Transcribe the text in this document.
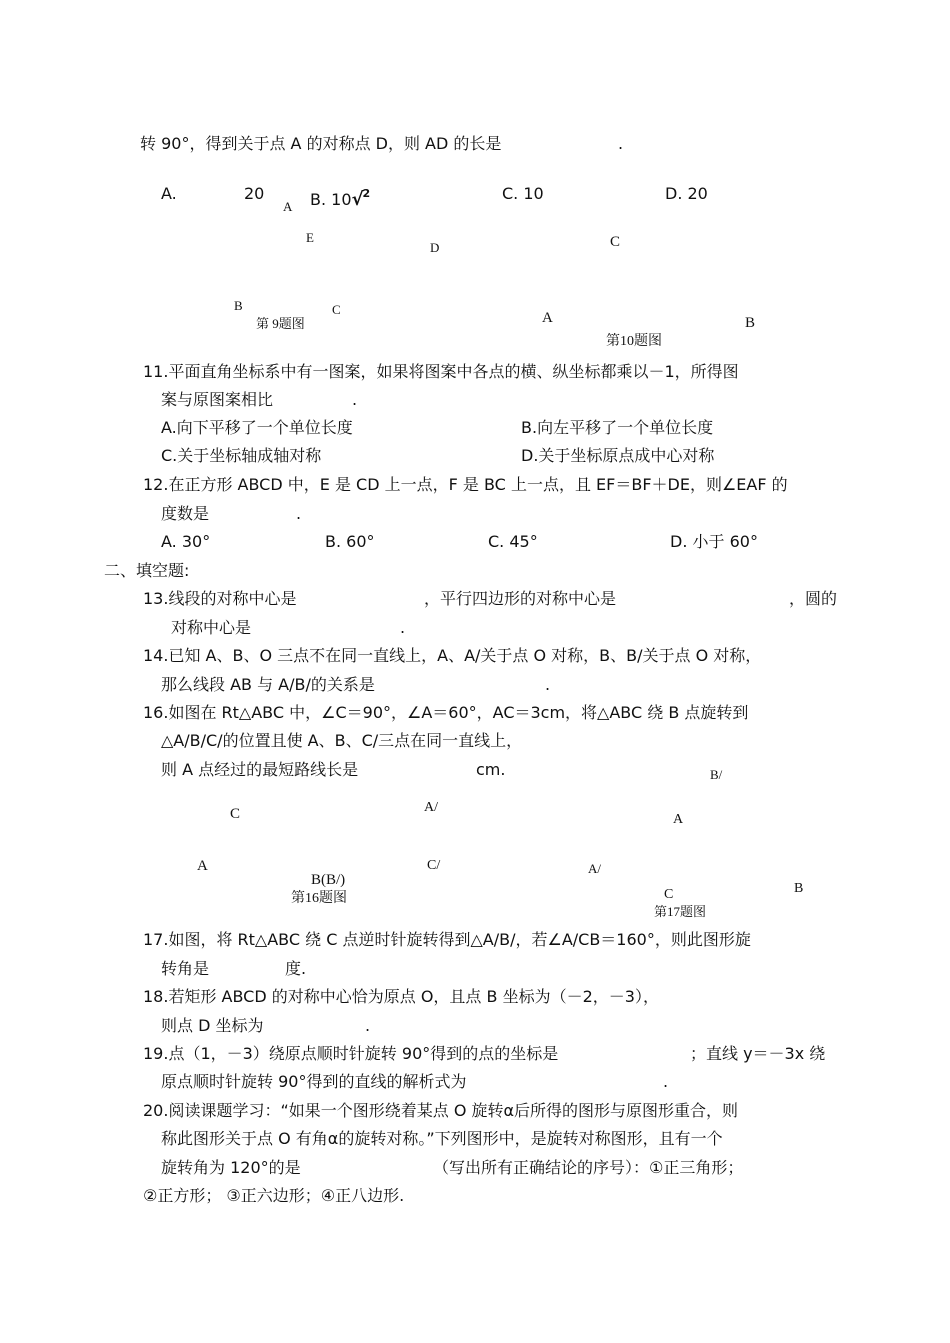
转 90°，得到关于点 A 的对称点 D，则 AD 的长是	.
A.	20	B. 10√$^2$	C. 10	D. 20
A
E
D
B	C
第 9题图
C
A	B
第10题图
11.平面直角坐标系中有一图案，如果将图案中各点的横、纵坐标都乘以－1，所得图
案与原图案相比	.
A.向下平移了一个单位长度	B.向左平移了一个单位长度
C.关于坐标轴成轴对称	D.关于坐标原点成中心对称
12.在正方形 ABCD 中，E 是 CD 上一点，F 是 BC 上一点，且 EF＝BF＋DE，则∠EAF 的
度数是	.
A. 30°	B. 60°	C. 45°	D. 小于 60°
二、填空题:
13.线段的对称中心是	，平行四边形的对称中心是	，圆的
对称中心是	.
14.已知 A、B、O 三点不在同一直线上，A、A/关于点 O 对称，B、B/关于点 O 对称，
那么线段 AB 与 A/B/的关系是	.
16.如图在 Rt△ABC 中，∠C＝90°，∠A＝60°，AC＝3cm，将△ABC 绕 B 点旋转到
△A/B/C/的位置且使 A、B、C/三点在同一直线上，
则 A 点经过的最短路线长是	cm.
C	A/
A	C/
B(B/)
第16题图
B/
A
A/
C	B
第17题图
17.如图，将 Rt△ABC 绕 C 点逆时针旋转得到△A/B/，若∠A/CB＝160°，则此图形旋
转角是	度.
18.若矩形 ABCD 的对称中心恰为原点 O，且点 B 坐标为（－2，－3），
则点 D 坐标为	.
19.点（1，－3）绕原点顺时针旋转 90°得到的点的坐标是	；直线 y＝－3x 绕
原点顺时针旋转 90°得到的直线的解析式为	.
20.阅读课题学习：“如果一个图形绕着某点 O 旋转α后所得的图形与原图形重合，则
称此图形关于点 O 有角α的旋转对称。”下列图形中，是旋转对称图形，且有一个
旋转角为 120°的是	（写出所有正确结论的序号）：①正三角形；
②正方形； ③正六边形；④正八边形.
